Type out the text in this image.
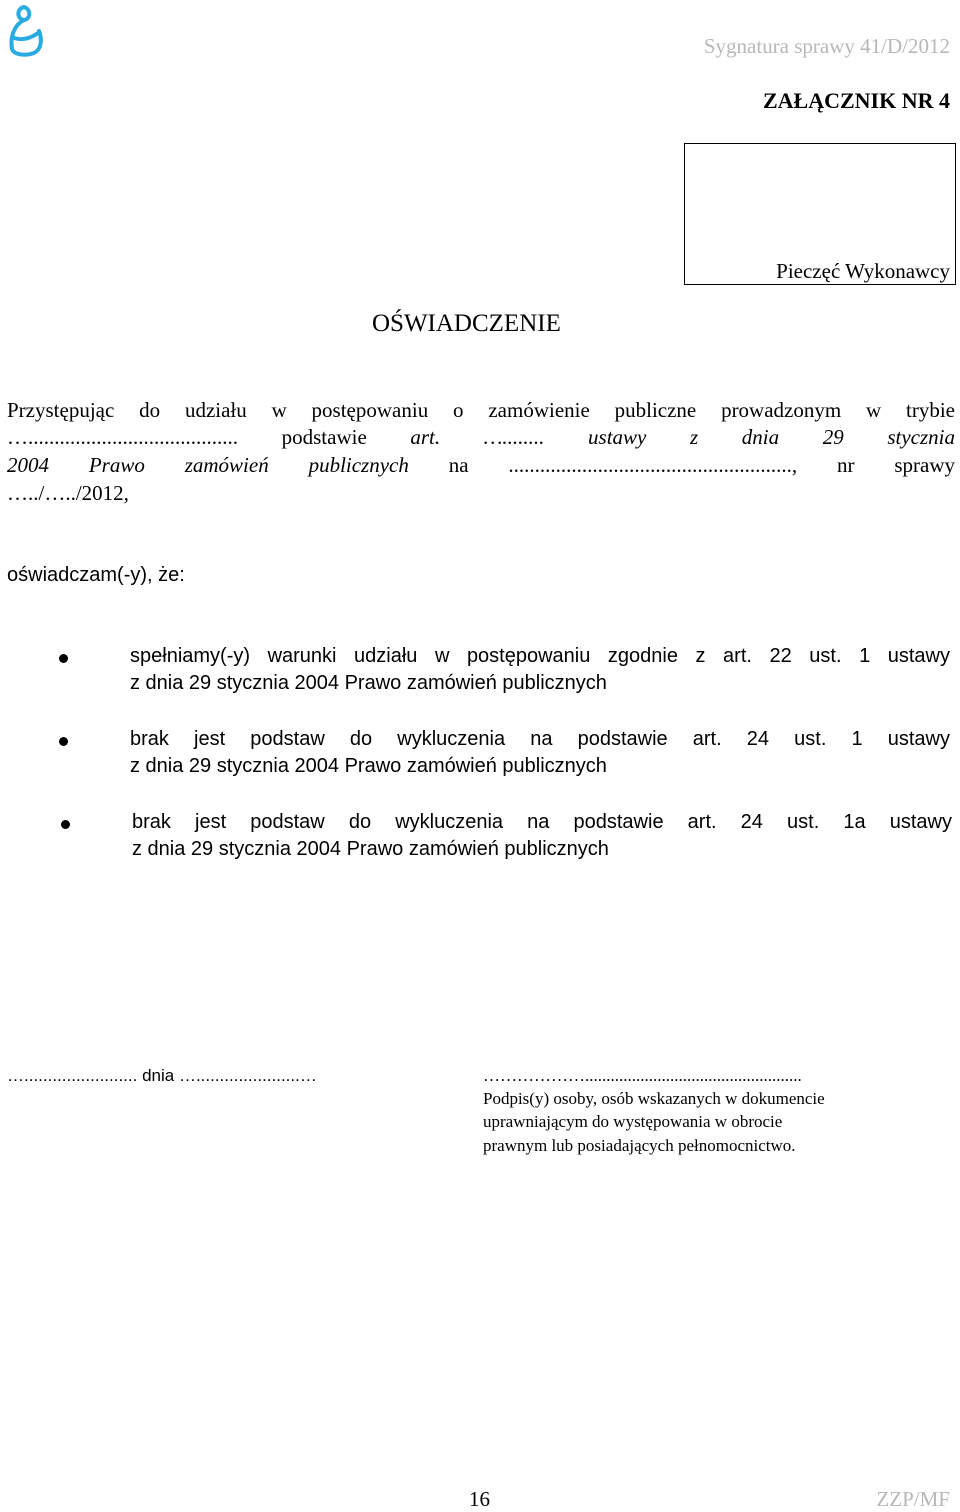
Sygnatura sprawy 41/D/2012
ZAŁĄCZNIK NR 4
Pieczęć Wykonawcy
OŚWIADCZENIE
Przystępując do udziału w postępowaniu o zamówienie publiczne prowadzonym w trybie
…........................................ podstawie art. …........ ustawy z dnia 29 stycznia
2004 Prawo zamówień publicznych na ......................................................, nr sprawy
…../…../2012,
oświadczam(-y), że:
spełniamy(-y) warunki udziału w postępowaniu zgodnie z art. 22 ust. 1 ustawy
z dnia 29 stycznia 2004 Prawo zamówień publicznych
brak jest podstaw do wykluczenia na podstawie art. 24 ust. 1 ustawy
z dnia 29 stycznia 2004 Prawo zamówień publicznych
brak jest podstaw do wykluczenia na podstawie art. 24 ust. 1a ustawy
z dnia 29 stycznia 2004 Prawo zamówień publicznych
…........................ dnia …......................…	………………...................................................
Podpis(y) osoby, osób wskazanych w dokumencie
uprawniającym do występowania w obrocie
prawnym lub posiadających pełnomocnictwo.
16	ZZP/MF
